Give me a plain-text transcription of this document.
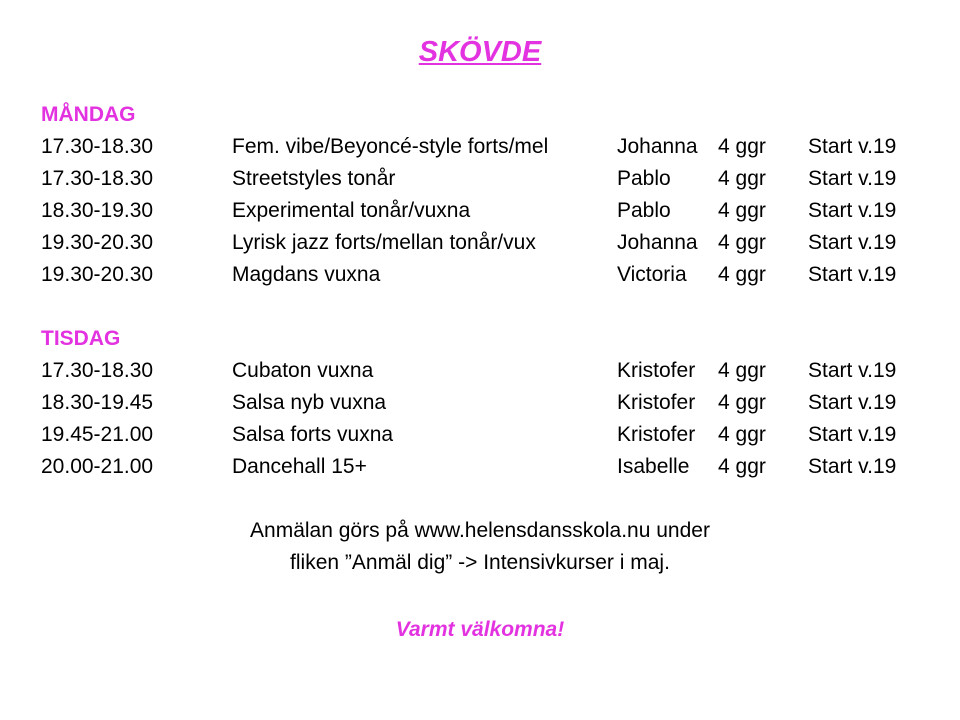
SKÖVDE
MÅNDAG
17.30-18.30	Fem. vibe/Beyoncé-style forts/mel	Johanna 4 ggr Start v.19
17.30-18.30	Streetstyles tonår	Pablo 4 ggr Start v.19
18.30-19.30	Experimental tonår/vuxna	Pablo 4 ggr Start v.19
19.30-20.30	Lyrisk jazz forts/mellan tonår/vux	Johanna 4 ggr Start v.19
19.30-20.30	Magdans vuxna	Victoria 4 ggr Start v.19
TISDAG
17.30-18.30	Cubaton vuxna	Kristofer 4 ggr Start v.19
18.30-19.45	Salsa nyb vuxna	Kristofer 4 ggr Start v.19
19.45-21.00	Salsa forts vuxna	Kristofer 4 ggr Start v.19
20.00-21.00	Dancehall 15+	Isabelle 4 ggr Start v.19
Anmälan görs på www.helensdansskola.nu under
fliken ”Anmäl dig” -> Intensivkurser i maj.
Varmt välkomna!
